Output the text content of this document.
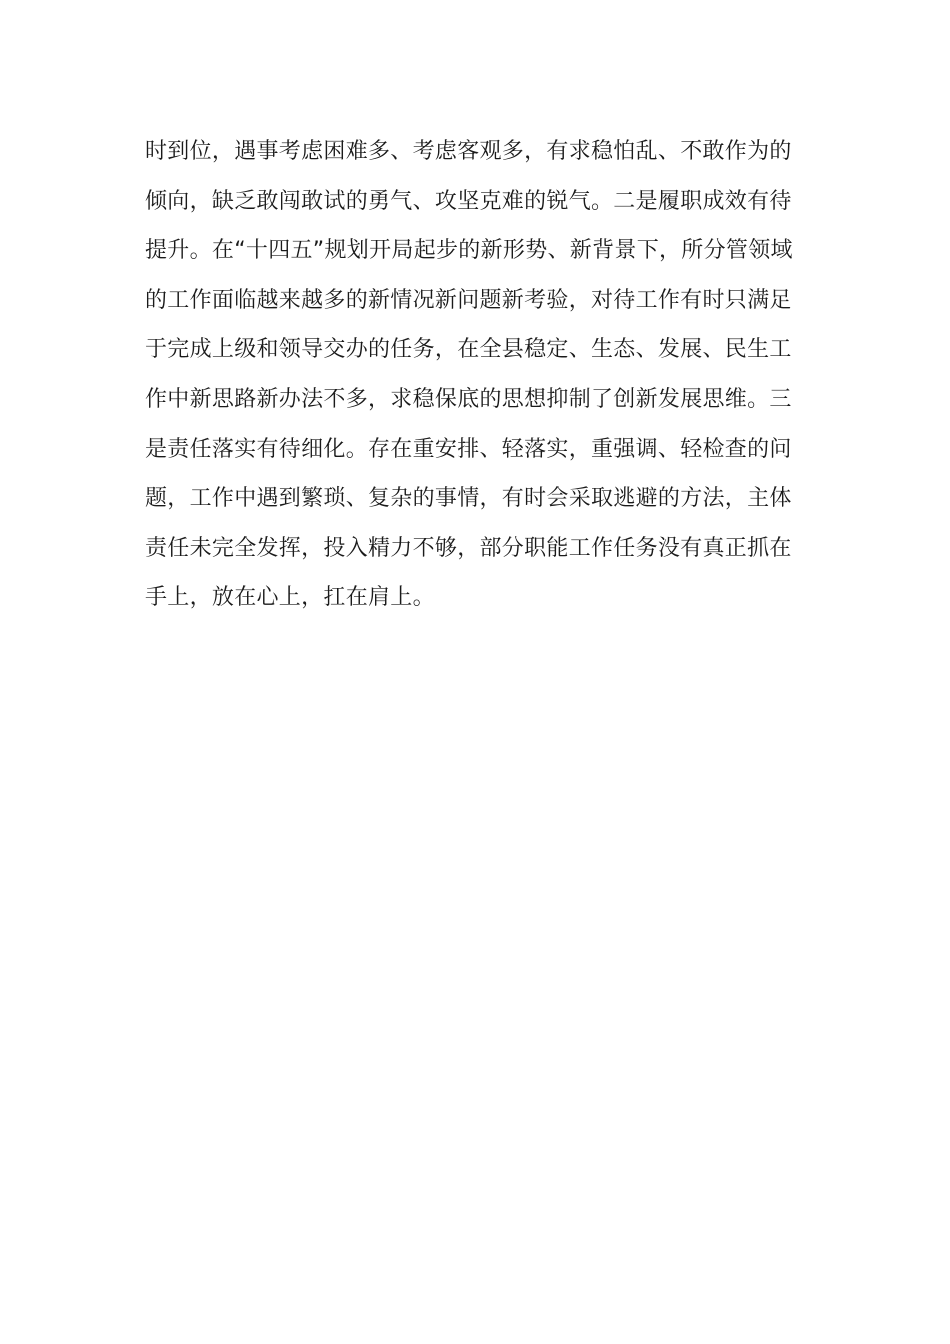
时到位，遇事考虑困难多、考虑客观多，有求稳怕乱、不敢作为的
倾向，缺乏敢闯敢试的勇气、攻坚克难的锐气。二是履职成效有待
提升。在“十四五”规划开局起步的新形势、新背景下，所分管领域
的工作面临越来越多的新情况新问题新考验，对待工作有时只满足
于完成上级和领导交办的任务，在全县稳定、生态、发展、民生工
作中新思路新办法不多，求稳保底的思想抑制了创新发展思维。三
是责任落实有待细化。存在重安排、轻落实，重强调、轻检查的问
题，工作中遇到繁琐、复杂的事情，有时会采取逃避的方法，主体
责任未完全发挥，投入精力不够，部分职能工作任务没有真正抓在
手上，放在心上，扛在肩上。
